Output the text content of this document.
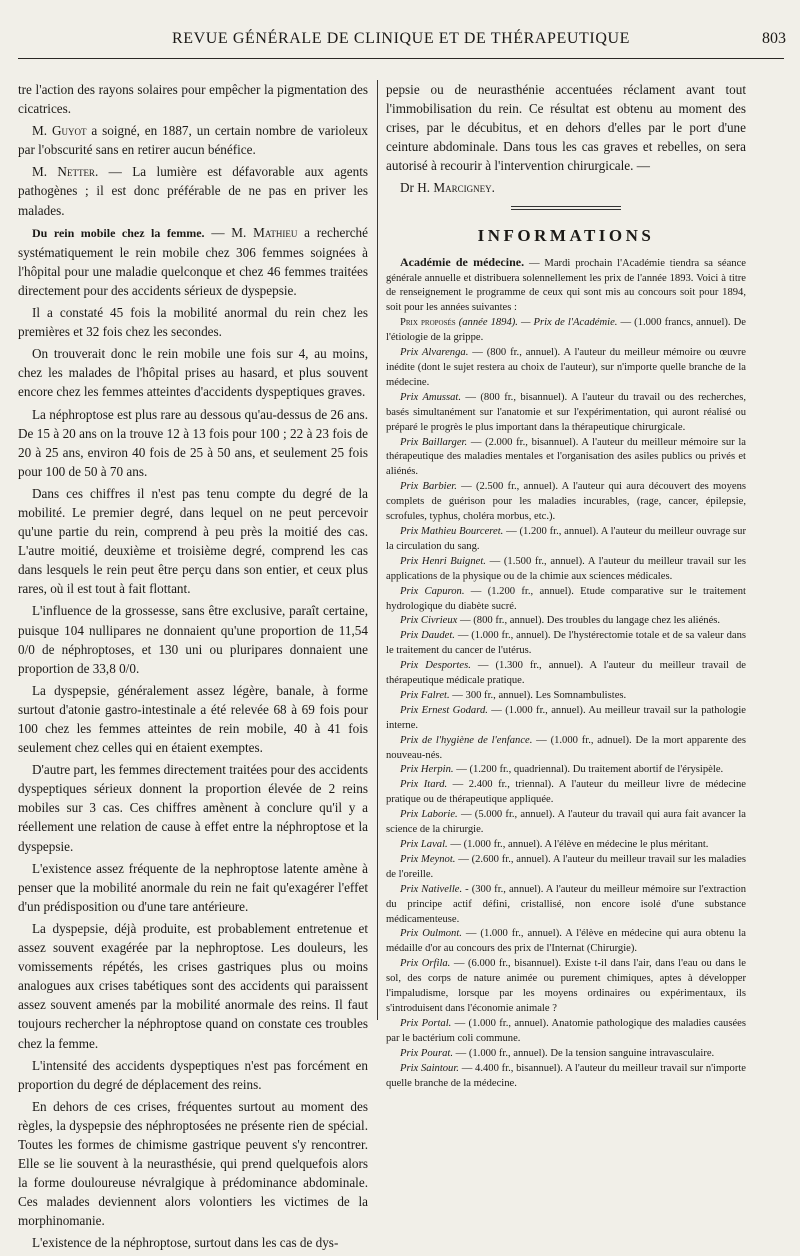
REVUE GÉNÉRALE DE CLINIQUE ET DE THÉRAPEUTIQUE	803

tre l'action des rayons solaires pour empêcher la pigmentation des cicatrices.

M. Guyot a soigné, en 1887, un certain nombre de varioleux par l'obscurité sans en retirer aucun bénéfice.

M. Netter. — La lumière est défavorable aux agents pathogènes ; il est donc préférable de ne pas en priver les malades.

Du rein mobile chez la femme. — M. Mathieu a recherché systématiquement le rein mobile chez 306 femmes soignées à l'hôpital pour une maladie quelconque et chez 46 femmes traitées directement pour des accidents sérieux de dyspepsie.

Il a constaté 45 fois la mobilité anormal du rein chez les premières et 32 fois chez les secondes.

On trouverait donc le rein mobile une fois sur 4, au moins, chez les malades de l'hôpital prises au hasard, et plus souvent encore chez les femmes atteintes d'accidents dyspeptiques graves.

La néphroptose est plus rare au dessous qu'au-dessus de 26 ans. De 15 à 20 ans on la trouve 12 à 13 fois pour 100 ; 22 à 23 fois de 20 à 25 ans, environ 40 fois de 25 à 50 ans, et seulement 25 fois pour 100 de 50 à 70 ans.

Dans ces chiffres il n'est pas tenu compte du degré de la mobilité. Le premier degré, dans lequel on ne peut percevoir qu'une partie du rein, comprend à peu près la moitié des cas. L'autre moitié, deuxième et troisième degré, comprend les cas dans lesquels le rein peut être perçu dans son entier, et ceux plus rares, où il est tout à fait flottant.

L'influence de la grossesse, sans être exclusive, paraît certaine, puisque 104 nullipares ne donnaient qu'une proportion de 11,54 0/0 de néphroptoses, et 130 uni ou pluripares donnaient une proportion de 33,8 0/0.

La dyspepsie, généralement assez légère, banale, à forme surtout d'atonie gastro-intestinale a été relevée 68 à 69 fois pour 100 chez les femmes atteintes de rein mobile, 40 à 41 fois seulement chez celles qui en étaient exemptes.

D'autre part, les femmes directement traitées pour des accidents dyspeptiques sérieux donnent la proportion élevée de 2 reins mobiles sur 3 cas. Ces chiffres amènent à conclure qu'il y a réellement une relation de cause à effet entre la néphroptose et la dyspepsie.

L'existence assez fréquente de la nephroptose latente amène à penser que la mobilité anormale du rein ne fait qu'exagérer l'effet d'un prédisposition ou d'une tare antérieure.

La dyspepsie, déjà produite, est probablement entretenue et assez souvent exagérée par la nephroptose. Les douleurs, les vomissements répétés, les crises gastriques plus ou moins analogues aux crises tabétiques sont des accidents qui paraissent assez souvent amenés par la mobilité anormale des reins. Il faut toujours rechercher la néphroptose quand on constate ces troubles chez la femme.

L'intensité des accidents dyspeptiques n'est pas forcément en proportion du degré de déplacement des reins.

En dehors de ces crises, fréquentes surtout au moment des règles, la dyspepsie des néphroptosées ne présente rien de spécial. Toutes les formes de chimisme gastrique peuvent s'y rencontrer. Elle se lie souvent à la neurasthésie, qui prend quelquefois alors la forme douloureuse névralgique à prédominance abdominale. Ces malades deviennent alors volontiers les victimes de la morphinomanie.

L'existence de la néphroptose, surtout dans les cas de dys-

pepsie ou de neurasthénie accentuées réclament avant tout l'immobilisation du rein. Ce résultat est obtenu au moment des crises, par le décubitus, et en dehors d'elles par le port d'une ceinture abdominale. Dans tous les cas graves et rebelles, on sera autorisé à recourir à l'intervention chirurgicale. —

Dr H. Marcigney.

INFORMATIONS

Académie de médecine. — Mardi prochain l'Académie tiendra sa séance générale annuelle et distribuera solennellement les prix de l'année 1893. Voici à titre de renseignement le programme de ceux qui sont mis au concours soit pour 1894, soit pour les années suivantes :

Prix proposés (année 1894). — Prix de l'Académie. — (1.000 francs, annuel). De l'étiologie de la grippe.

Prix Alvarenga. — (800 fr., annuel). A l'auteur du meilleur mémoire ou œuvre inédite (dont le sujet restera au choix de l'auteur), sur n'importe quelle branche de la médecine.

Prix Amussat. — (800 fr., bisannuel). A l'auteur du travail ou des recherches, basés simultanément sur l'anatomie et sur l'expérimentation, qui auront réalisé ou préparé le progrès le plus important dans la thérapeutique chirurgicale.

Prix Baillarger. — (2.000 fr., bisannuel). A l'auteur du meilleur mémoire sur la thérapeutique des maladies mentales et l'organisation des asiles publics ou privés et aliénés.

Prix Barbier. — (2.500 fr., annuel). A l'auteur qui aura découvert des moyens complets de guérison pour les maladies incurables, (rage, cancer, épilepsie, scrofules, typhus, choléra morbus, etc.).

Prix Mathieu Bourceret. — (1.200 fr., annuel). A l'auteur du meilleur ouvrage sur la circulation du sang.

Prix Henri Buignet. — (1.500 fr., annuel). A l'auteur du meilleur travail sur les applications de la physique ou de la chimie aux sciences médicales.

Prix Capuron. — (1.200 fr., annuel). Etude comparative sur le traitement hydrologique du diabète sucré.

Prix Civrieux — (800 fr., annuel). Des troubles du langage chez les aliénés.

Prix Daudet. — (1.000 fr., annuel). De l'hystérectomie totale et de sa valeur dans le traitement du cancer de l'utérus.

Prix Desportes. — (1.300 fr., annuel). A l'auteur du meilleur travail de thérapeutique médicale pratique.

Prix Falret. — 300 fr., annuel). Les Somnambulistes.

Prix Ernest Godard. — (1.000 fr., annuel). Au meilleur travail sur la pathologie interne.

Prix de l'hygiène de l'enfance. — (1.000 fr., adnuel). De la mort apparente des nouveau-nés.

Prix Herpin. — (1.200 fr., quadriennal). Du traitement abortif de l'érysipèle.

Prix Itard. — 2.400 fr., triennal). A l'auteur du meilleur livre de médecine pratique ou de thérapeutique appliquée.

Prix Laborie. — (5.000 fr., annuel). A l'auteur du travail qui aura fait avancer la science de la chirurgie.

Prix Laval. — (1.000 fr., annuel). A l'élève en médecine le plus méritant.

Prix Meynot. — (2.600 fr., annuel). A l'auteur du meilleur travail sur les maladies de l'oreille.

Prix Nativelle. - (300 fr., annuel). A l'auteur du meilleur mémoire sur l'extraction du principe actif défini, cristallisé, non encore isolé d'une substance médicamenteuse.

Prix Oulmont. — (1.000 fr., annuel). A l'élève en médecine qui aura obtenu la médaille d'or au concours des prix de l'Internat (Chirurgie).

Prix Orfila. — (6.000 fr., bisannuel). Existe t-il dans l'air, dans l'eau ou dans le sol, des corps de nature animée ou purement chimiques, aptes à développer l'impaludisme, lorsque par les moyens ordinaires ou expérimentaux, ils s'introduisent dans l'économie animale ?

Prix Portal. — (1.000 fr., annuel). Anatomie pathologique des maladies causées par le bactérium coli commune.

Prix Pourat. — (1.000 fr., annuel). De la tension sanguine intravasculaire.

Prix Saintour. — 4.400 fr., bisannuel). A l'auteur du meilleur travail sur n'importe quelle branche de la médecine.
